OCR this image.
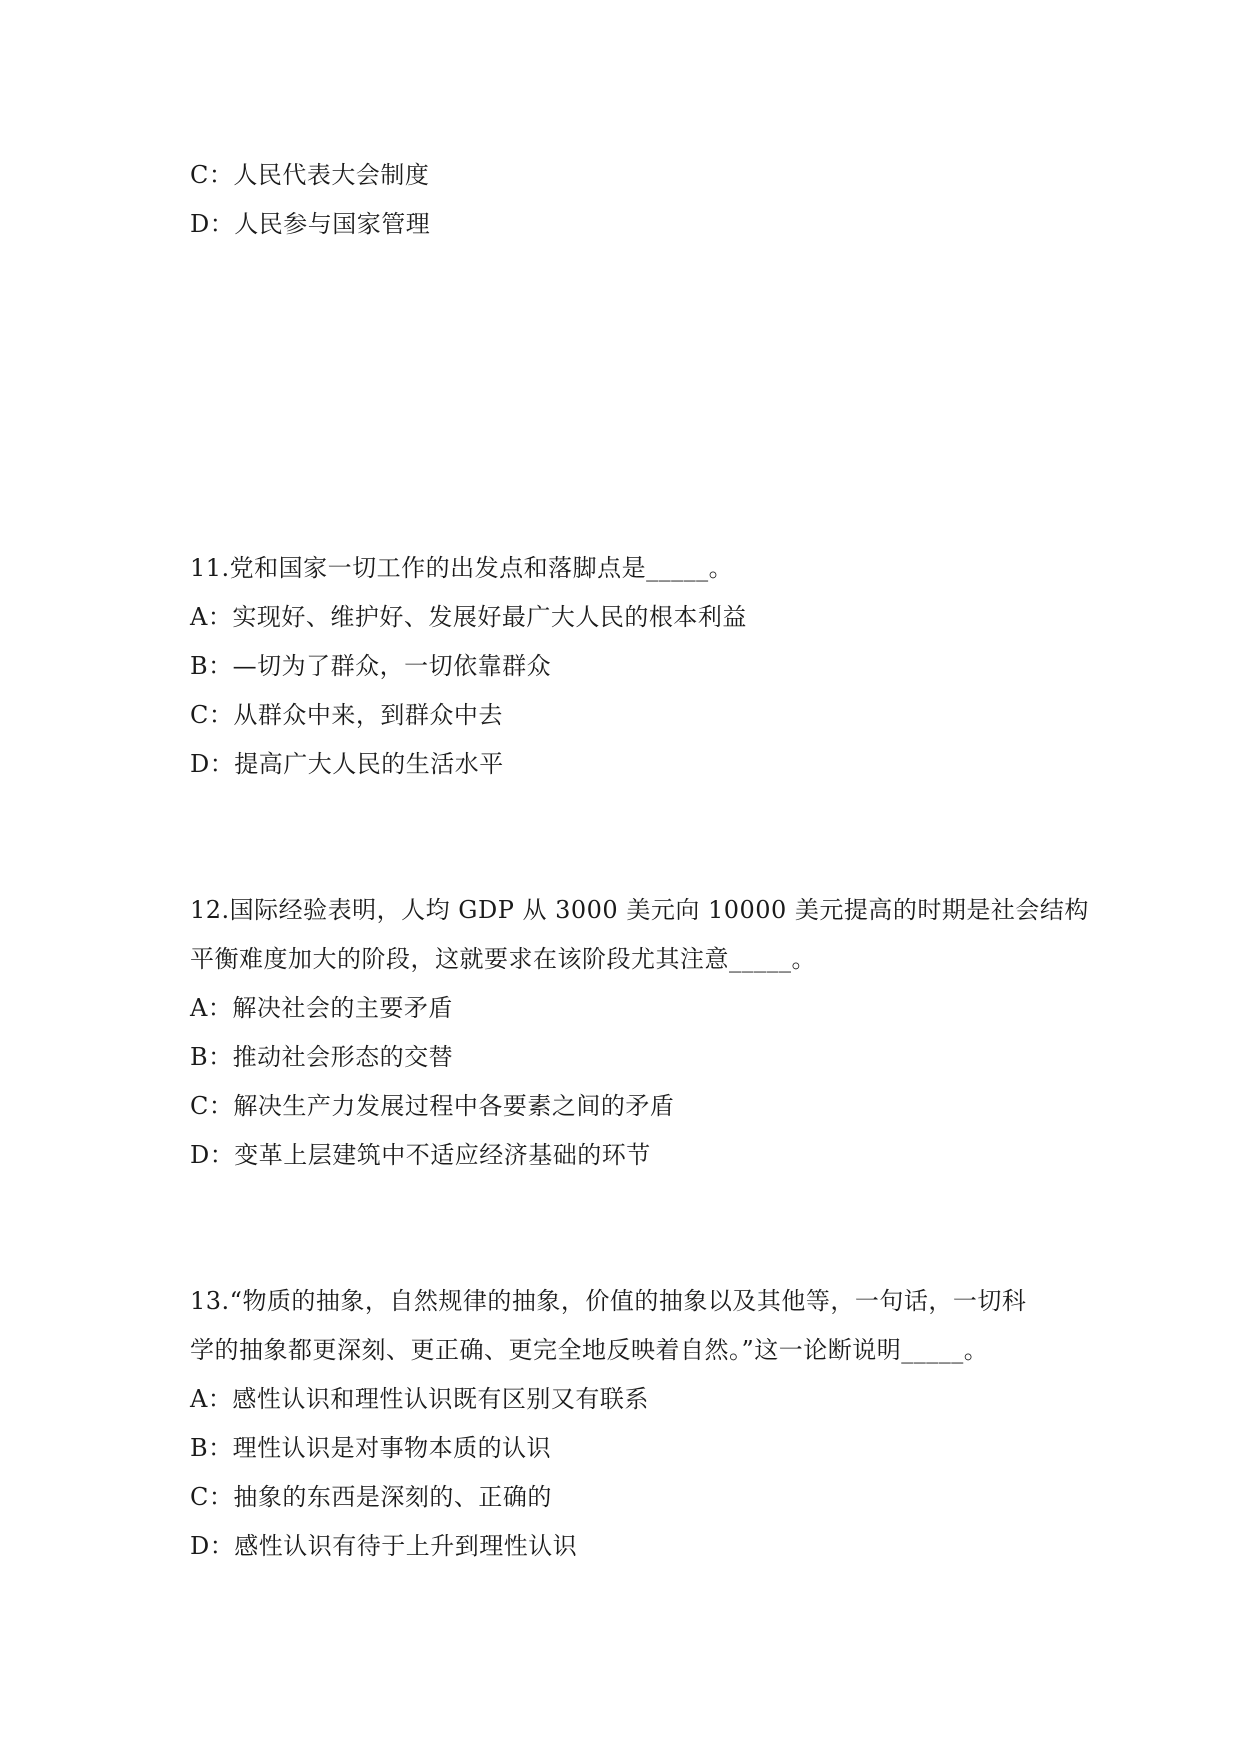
C：人民代表大会制度
D：人民参与国家管理
11.党和国家一切工作的出发点和落脚点是_____。
A：实现好、维护好、发展好最广大人民的根本利益
B：—切为了群众，一切依靠群众
C：从群众中来，到群众中去
D：提高广大人民的生活水平
12.国际经验表明，人均 GDP 从 3000 美元向 10000 美元提高的时期是社会结构
平衡难度加大的阶段，这就要求在该阶段尤其注意_____。
A：解决社会的主要矛盾
B：推动社会形态的交替
C：解决生产力发展过程中各要素之间的矛盾
D：变革上层建筑中不适应经济基础的环节
13.“物质的抽象，自然规律的抽象，价值的抽象以及其他等，一句话，一切科
学的抽象都更深刻、更正确、更完全地反映着自然。”这一论断说明_____。
A：感性认识和理性认识既有区别又有联系
B：理性认识是对事物本质的认识
C：抽象的东西是深刻的、正确的
D：感性认识有待于上升到理性认识
